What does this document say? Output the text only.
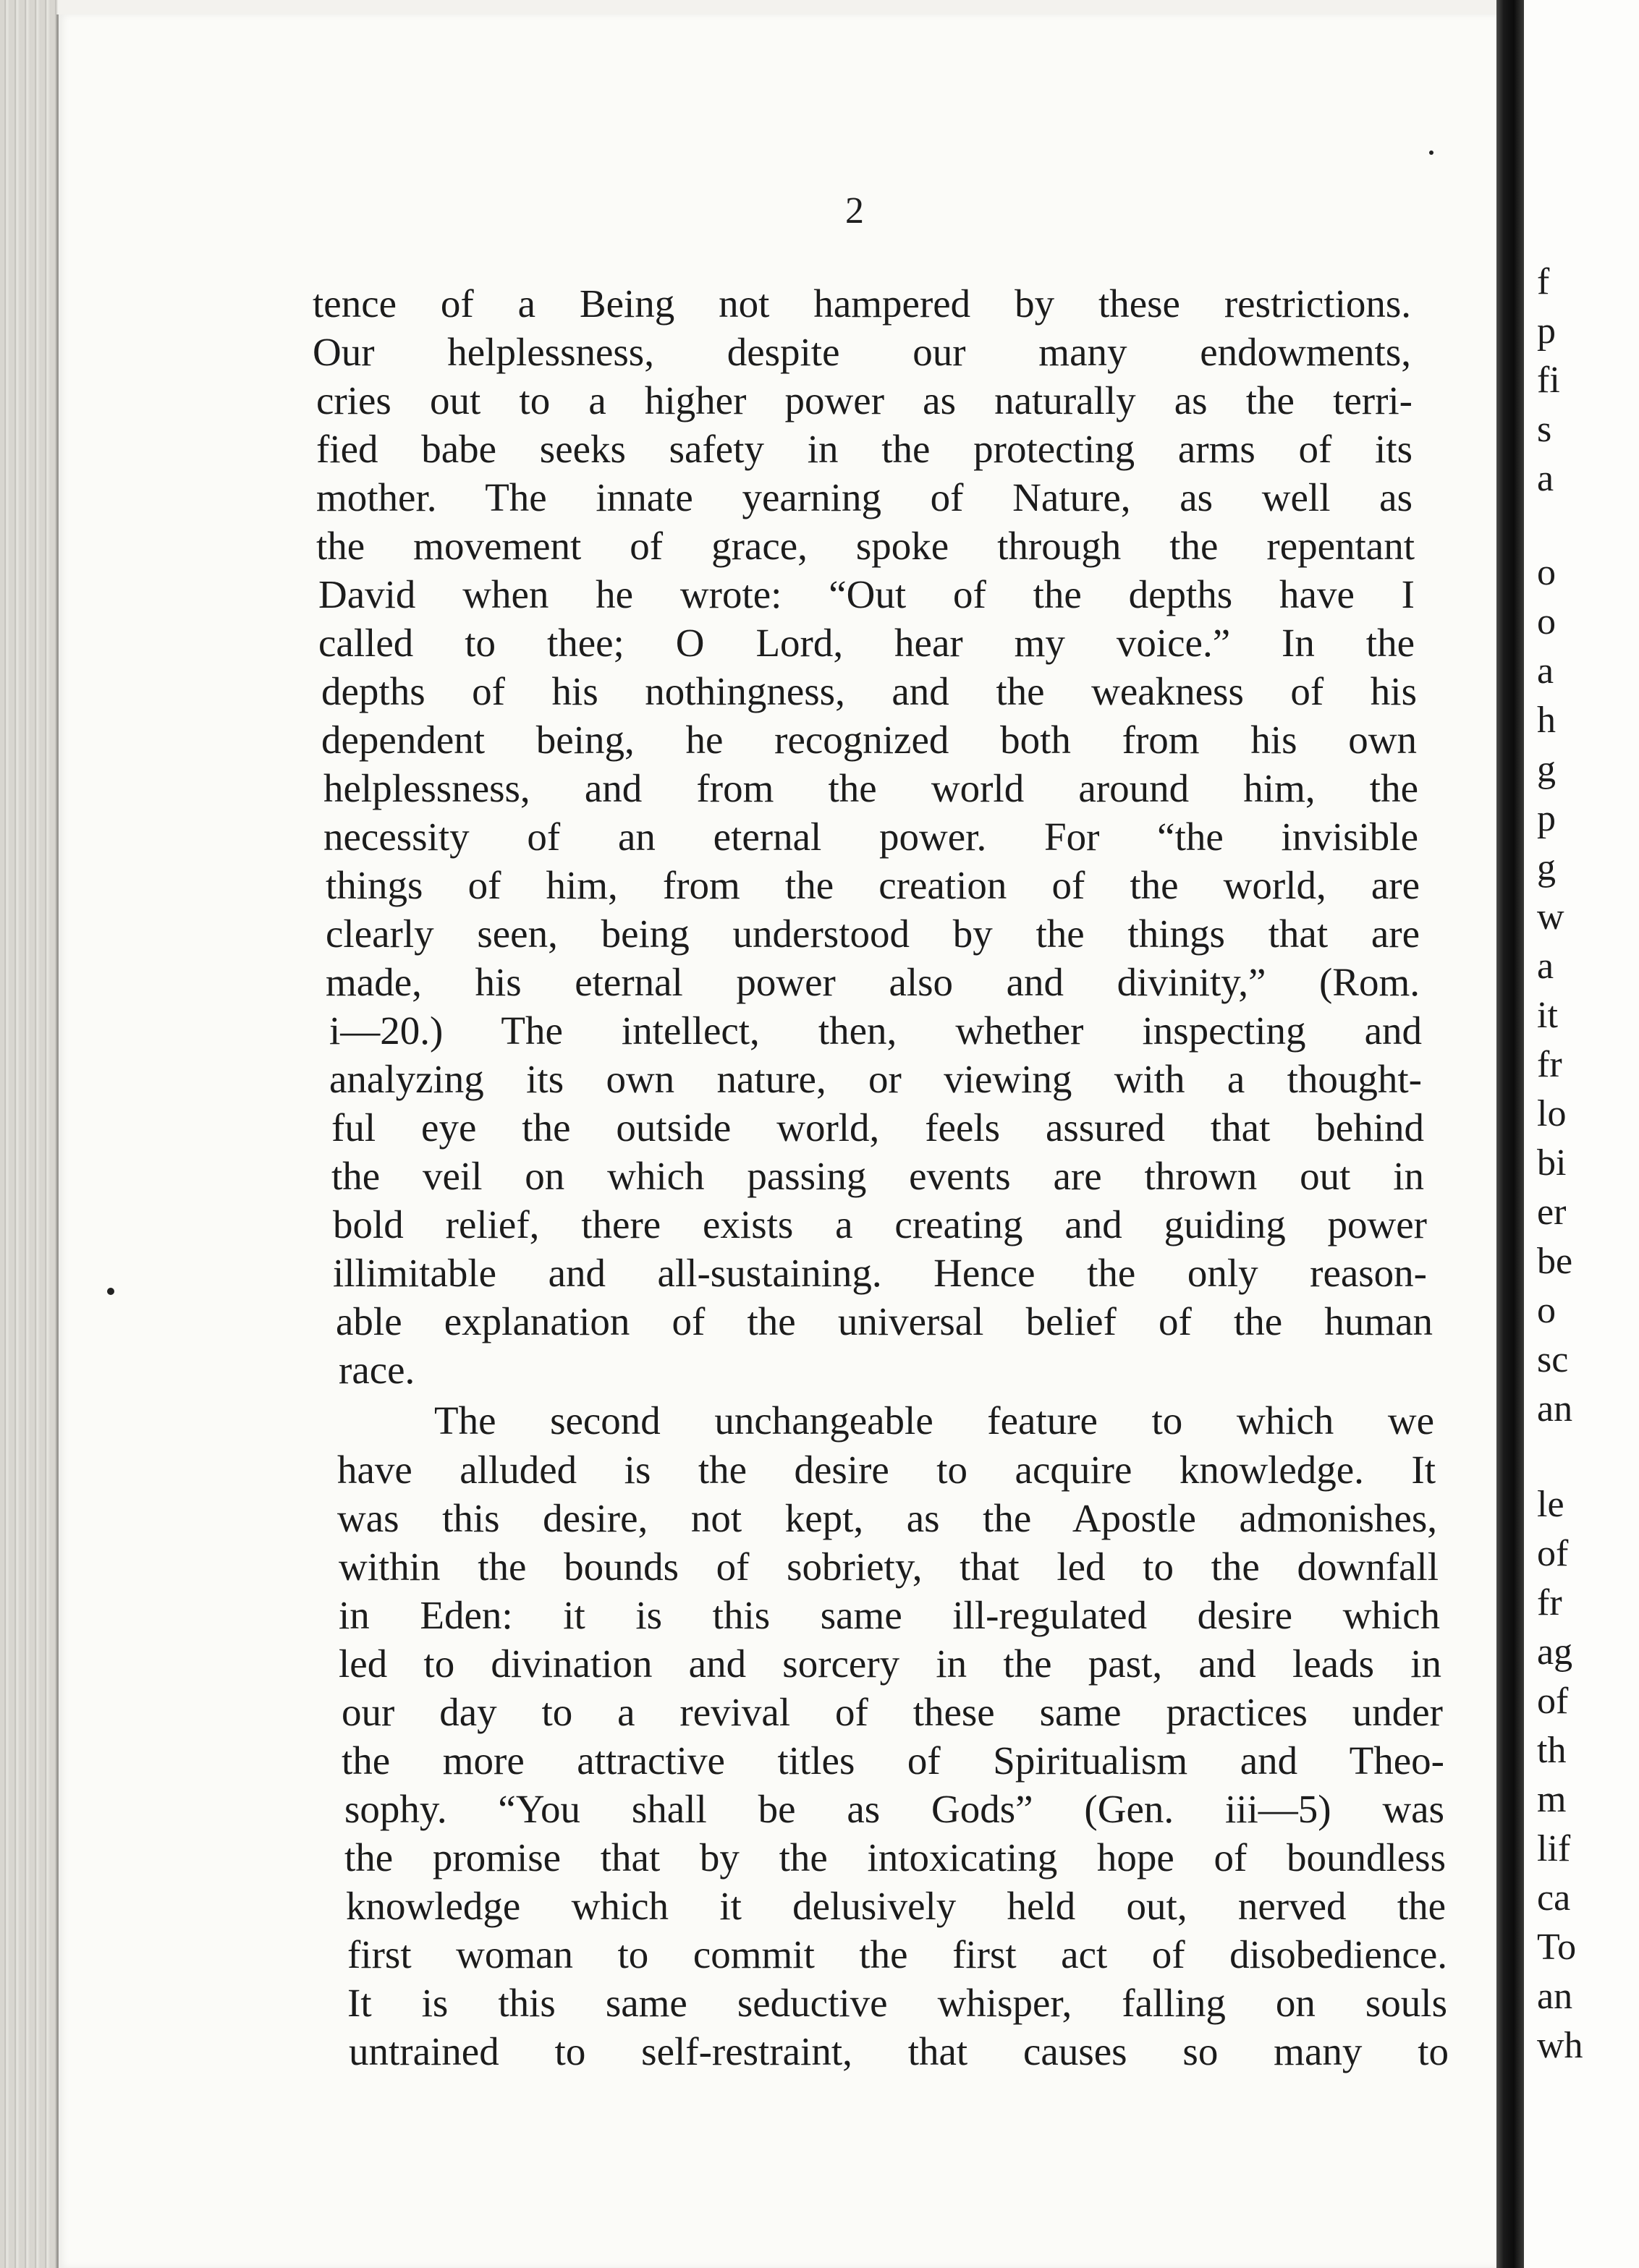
2
tence of a Being not hampered by these restrictions.
Our helplessness, despite our many endowments,
cries out to a higher power as naturally as the terri-
fied babe seeks safety in the protecting arms of its
mother. The innate yearning of Nature, as well as
the movement of grace, spoke through the repentant
David when he wrote: “Out of the depths have I
called to thee; O Lord, hear my voice.” In the
depths of his nothingness, and the weakness of his
dependent being, he recognized both from his own
helplessness, and from the world around him, the
necessity of an eternal power. For “the invisible
things of him, from the creation of the world, are
clearly seen, being understood by the things that are
made, his eternal power also and divinity,” (Rom.
i—20.) The intellect, then, whether inspecting and
analyzing its own nature, or viewing with a thought-
ful eye the outside world, feels assured that behind
the veil on which passing events are thrown out in
bold relief, there exists a creating and guiding power
illimitable and all-sustaining. Hence the only reason-
able explanation of the universal belief of the human
race.
The second unchangeable feature to which we
have alluded is the desire to acquire knowledge. It
was this desire, not kept, as the Apostle admonishes,
within the bounds of sobriety, that led to the downfall
in Eden: it is this same ill-regulated desire which
led to divination and sorcery in the past, and leads in
our day to a revival of these same practices under
the more attractive titles of Spiritualism and Theo-
sophy. “You shall be as Gods” (Gen. iii—5) was
the promise that by the intoxicating hope of boundless
knowledge which it delusively held out, nerved the
first woman to commit the first act of disobedience.
It is this same seductive whisper, falling on souls
untrained to self-restraint, that causes so many to
f
p
fi
s
a
o
o
a
h
g
p
g
w
a
it
fr
lo
bi
er
be
o
sc
an
le
of
fr
ag
of
th
m
lif
ca
To
an
wh
